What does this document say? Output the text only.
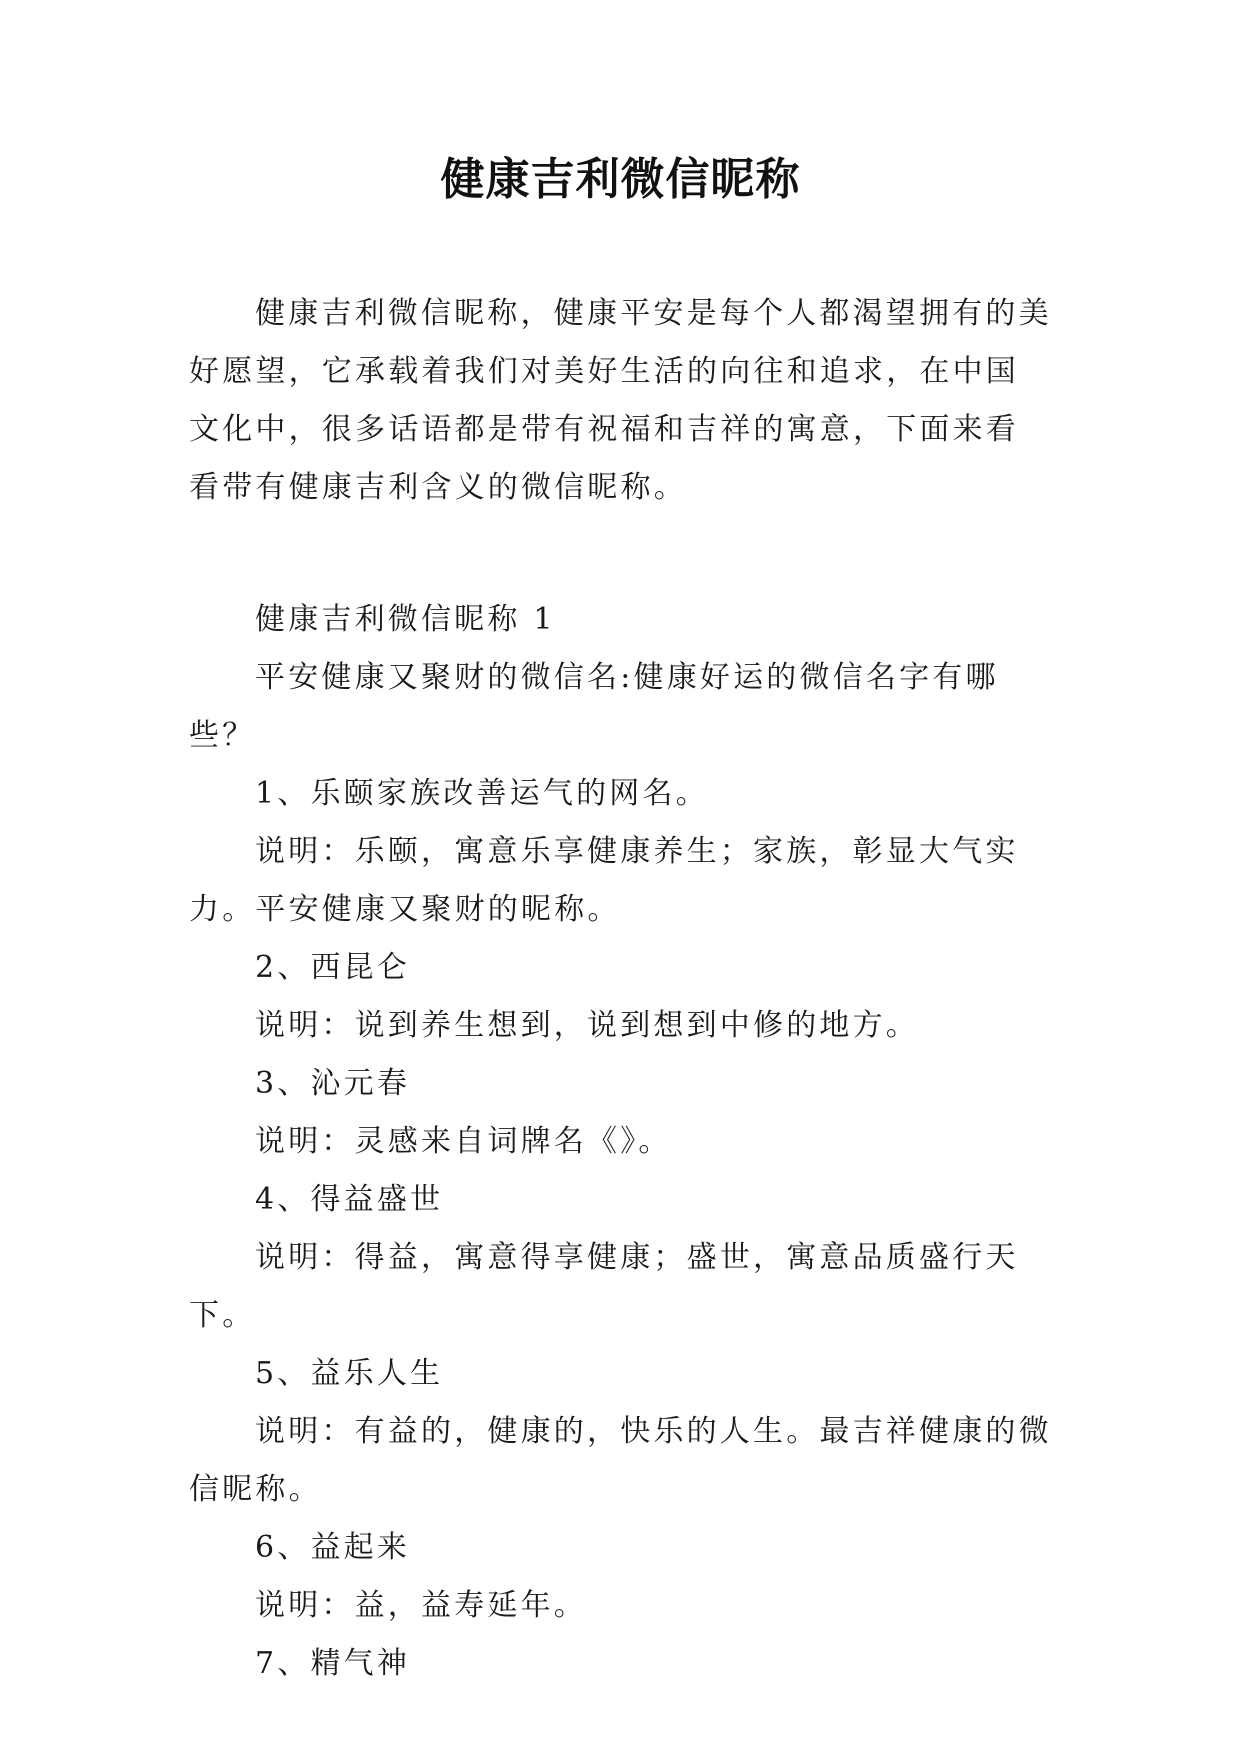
健康吉利微信昵称

健康吉利微信昵称，健康平安是每个人都渴望拥有的美好愿望，它承载着我们对美好生活的向往和追求，在中国文化中，很多话语都是带有祝福和吉祥的寓意，下面来看看带有健康吉利含义的微信昵称。

健康吉利微信昵称 1

平安健康又聚财的微信名:健康好运的微信名字有哪些？

1、乐颐家族改善运气的网名。

说明：乐颐，寓意乐享健康养生；家族，彰显大气实力。平安健康又聚财的昵称。

2、西昆仑

说明：说到养生想到，说到想到中修的地方。

3、沁元春

说明：灵感来自词牌名《》。

4、得益盛世

说明：得益，寓意得享健康；盛世，寓意品质盛行天下。

5、益乐人生

说明：有益的，健康的，快乐的人生。最吉祥健康的微信昵称。

6、益起来

说明：益，益寿延年。

7、精气神
